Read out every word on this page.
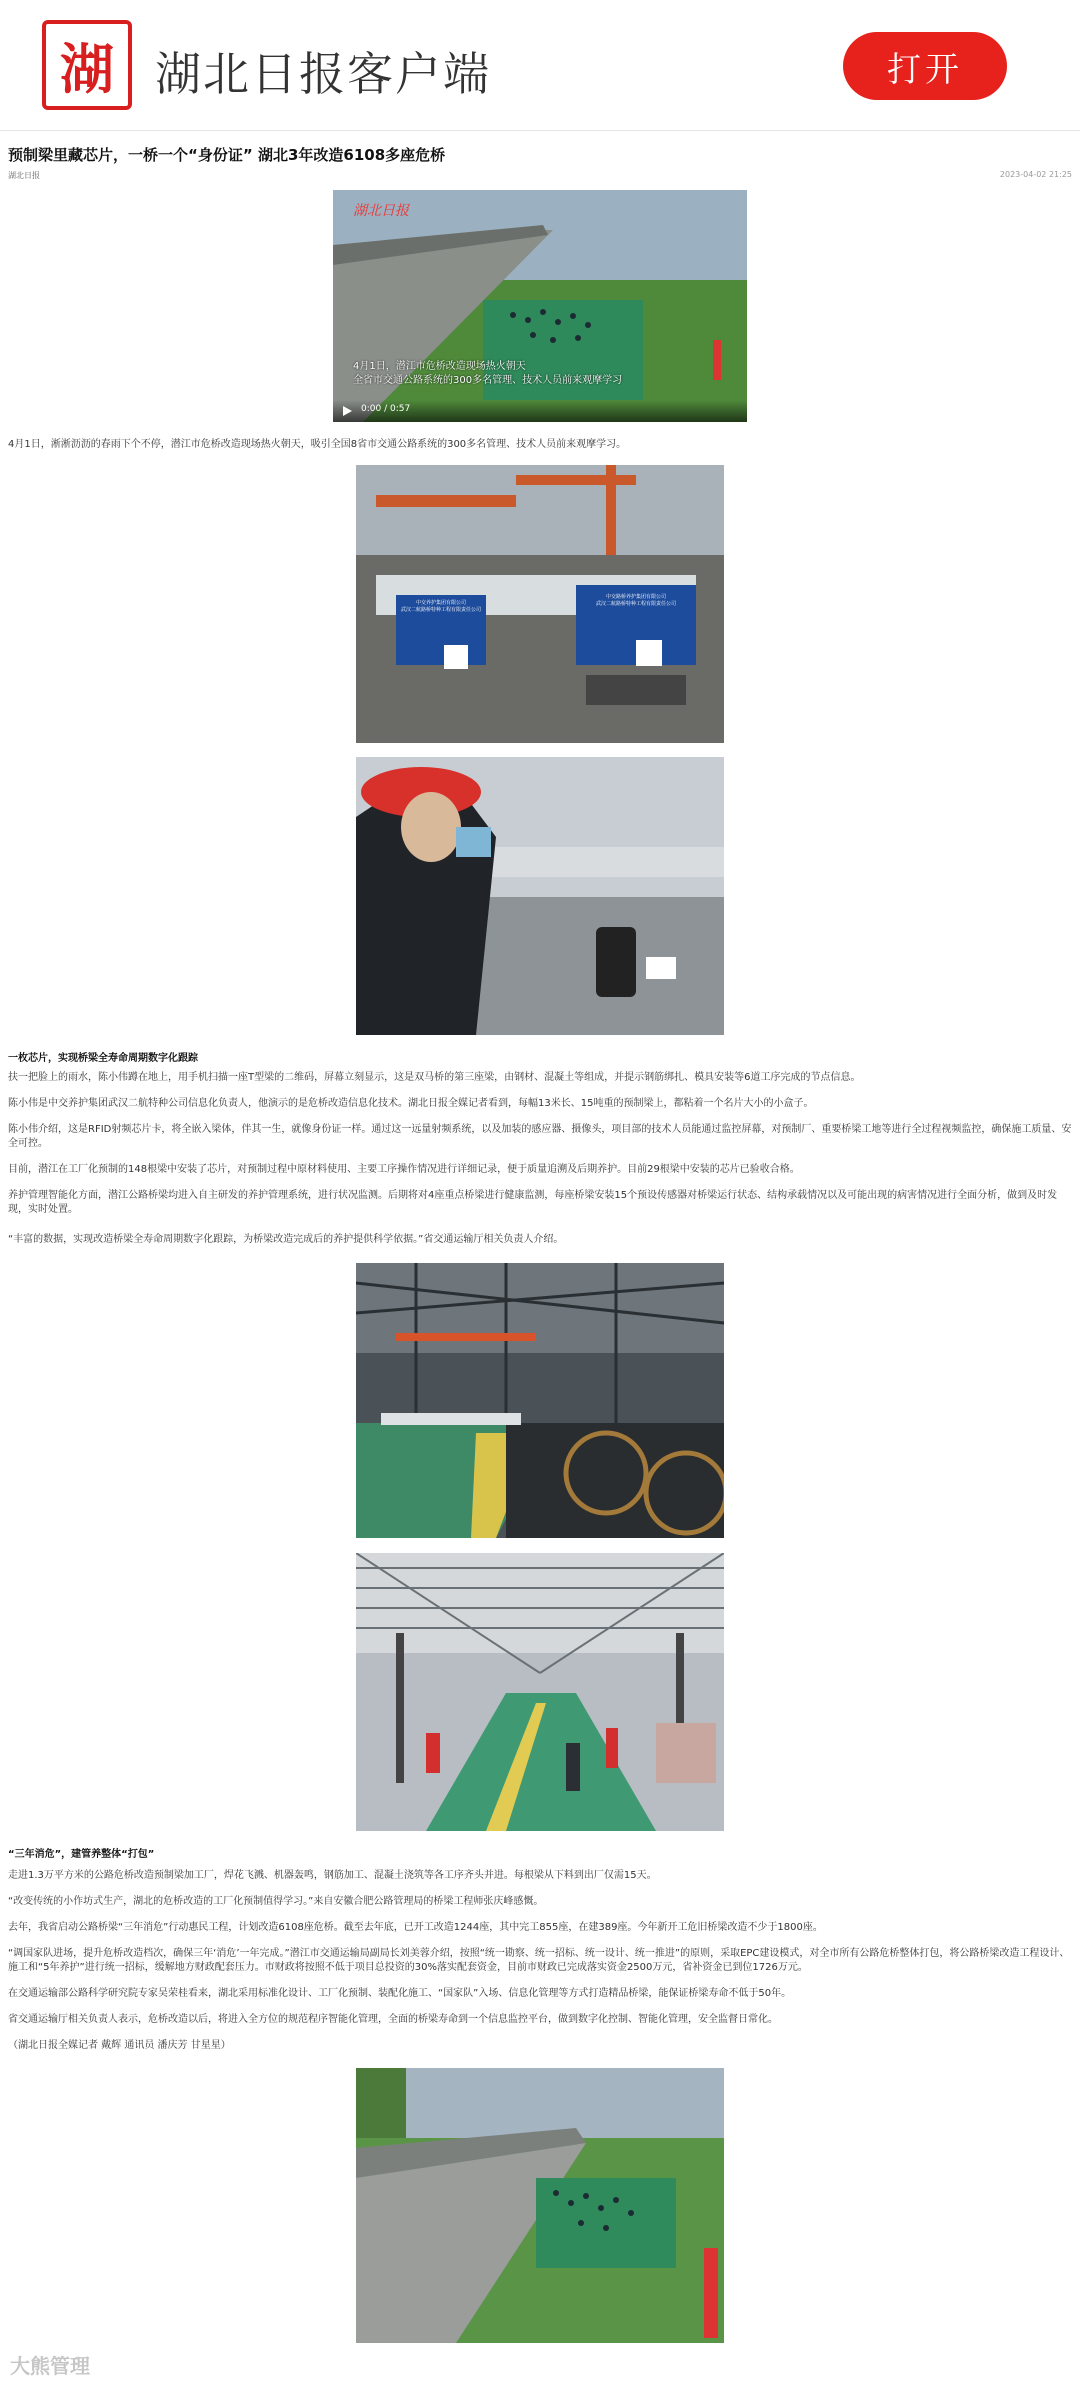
湖 湖北日报客户端	打开
预制梁里藏芯片，一桥一个“身份证” 湖北3年改造6108多座危桥
湖北日报	2023-04-02 21:25
湖北日报
4月1日，潜江市危桥改造现场热火朝天
全省市交通公路系统的300多名管理、技术人员前来观摩学习
0:00 / 0:57
4月1日，淅淅沥沥的春雨下个不停，潜江市危桥改造现场热火朝天，吸引全国8省市交通公路系统的300多名管理、技术人员前来观摩学习。
中交养护集团有限公司
武汉二航路桥特种工程有限责任公司
中交路桥养护集团有限公司
武汉二航路桥特种工程有限责任公司
一枚芯片，实现桥梁全寿命周期数字化跟踪
扶一把脸上的雨水，陈小伟蹲在地上，用手机扫描一座T型梁的二维码，屏幕立刻显示，这是双马桥的第三座梁，由钢材、混凝土等组成，并提示钢筋绑扎、模具安装等6道工序完成的节点信息。
陈小伟是中交养护集团武汉二航特种公司信息化负责人，他演示的是危桥改造信息化技术。湖北日报全媒记者看到，每幅13米长、15吨重的预制梁上，都粘着一个名片大小的小盒子。
陈小伟介绍，这是RFID射频芯片卡，将全嵌入梁体，伴其一生，就像身份证一样。通过这一远量射频系统，以及加装的感应器、摄像头，项目部的技术人员能通过监控屏幕，对预制厂、重要桥梁工地等进行全过程视频监控，确保施工质量、安全可控。
目前，潜江在工厂化预制的148根梁中安装了芯片，对预制过程中原材料使用、主要工序操作情况进行详细记录，便于质量追溯及后期养护。目前29根梁中安装的芯片已验收合格。
养护管理智能化方面，潜江公路桥梁均进入自主研发的养护管理系统，进行状况监测。后期将对4座重点桥梁进行健康监测，每座桥梁安装15个预设传感器对桥梁运行状态、结构承载情况以及可能出现的病害情况进行全面分析，做到及时发现，实时处置。
“丰富的数据，实现改造桥梁全寿命周期数字化跟踪，为桥梁改造完成后的养护提供科学依据。”省交通运输厅相关负责人介绍。
“三年消危”，建管养整体“打包”
走进1.3万平方米的公路危桥改造预制梁加工厂，焊花飞溅、机器轰鸣，钢筋加工、混凝土浇筑等各工序齐头并进。每根梁从下料到出厂仅需15天。
“改变传统的小作坊式生产，湖北的危桥改造的工厂化预制值得学习。”来自安徽合肥公路管理局的桥梁工程师张庆峰感慨。
去年，我省启动公路桥梁“三年消危”行动惠民工程，计划改造6108座危桥。截至去年底，已开工改造1244座，其中完工855座，在建389座。今年新开工危旧桥梁改造不少于1800座。
“调国家队进场，提升危桥改造档次，确保三年‘消危’一年完成。”潜江市交通运输局副局长刘美蓉介绍，按照“统一勘察、统一招标、统一设计、统一推进”的原则，采取EPC建设模式，对全市所有公路危桥整体打包，将公路桥梁改造工程设计、施工和“5年养护”进行统一招标，缓解地方财政配套压力。市财政将按照不低于项目总投资的30%落实配套资金，目前市财政已完成落实资金2500万元，省补资金已到位1726万元。
在交通运输部公路科学研究院专家吴荣桂看来，湖北采用标准化设计、工厂化预制、装配化施工、“国家队”入场、信息化管理等方式打造精品桥梁，能保证桥梁寿命不低于50年。
省交通运输厅相关负责人表示，危桥改造以后，将进入全方位的规范程序智能化管理，全面的桥梁寿命到一个信息监控平台，做到数字化控制、智能化管理，安全监督日常化。
（湖北日报全媒记者 戴辉 通讯员 潘庆芳 甘星星）
大熊管理
